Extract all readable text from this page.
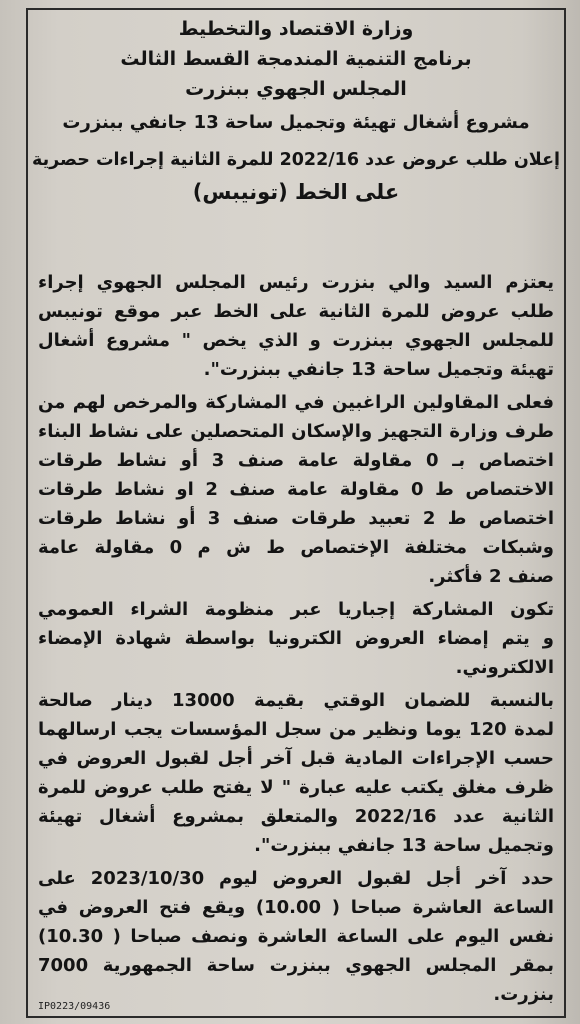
وزارة الاقتصاد والتخطيط

برنامج التنمية المندمجة القسط الثالث

المجلس الجهوي ببنزرت

مشروع أشغال تهيئة وتجميل ساحة 13 جانفي ببنزرت

إعلان طلب عروض عدد 2022/16 للمرة الثانية إجراءات حصرية

على الخط (تونيبس)

يعتزم السيد والي بنزرت رئيس المجلس الجهوي إجراء
طلب عروض للمرة الثانية على الخط عبر موقع تونيبس
للمجلس الجهوي ببنزرت و الذي يخص " مشروع أشغال
تهيئة وتجميل ساحة 13 جانفي ببنزرت".

فعلى المقاولين الراغبين في المشاركة والمرخص لهم من
طرف وزارة التجهيز والإسكان المتحصلين على نشاط البناء
اختصاص بـ 0 مقاولة عامة صنف 3 أو نشاط طرقات
الاختصاص ط 0 مقاولة عامة صنف 2 او نشاط طرقات
اختصاص ط 2 تعبيد طرقات صنف 3 أو نشاط طرقات
وشبكات مختلفة الإختصاص ط ش م 0 مقاولة عامة
صنف 2 فأكثر.

تكون المشاركة إجباريا عبر منظومة الشراء العمومي
و يتم إمضاء العروض الكترونيا بواسطة شهادة الإمضاء
الالكتروني.

بالنسبة للضمان الوقتي بقيمة 13000 دينار صالحة
لمدة 120 يوما ونظير من سجل المؤسسات يجب ارسالهما
حسب الإجراءات المادية قبل آخر أجل لقبول العروض في
ظرف مغلق يكتب عليه عبارة " لا يفتح طلب عروض للمرة
الثانية عدد 2022/16 والمتعلق بمشروع أشغال تهيئة
وتجميل ساحة 13 جانفي ببنزرت".

حدد آخر أجل لقبول العروض ليوم 2023/10/30 على
الساعة العاشرة صباحا ( 10.00) ويقع فتح العروض في
نفس اليوم على الساعة العاشرة ونصف صباحا ( 10.30)
بمقر المجلس الجهوي ببنزرت ساحة الجمهورية 7000
بنزرت.

IP0223/09436
